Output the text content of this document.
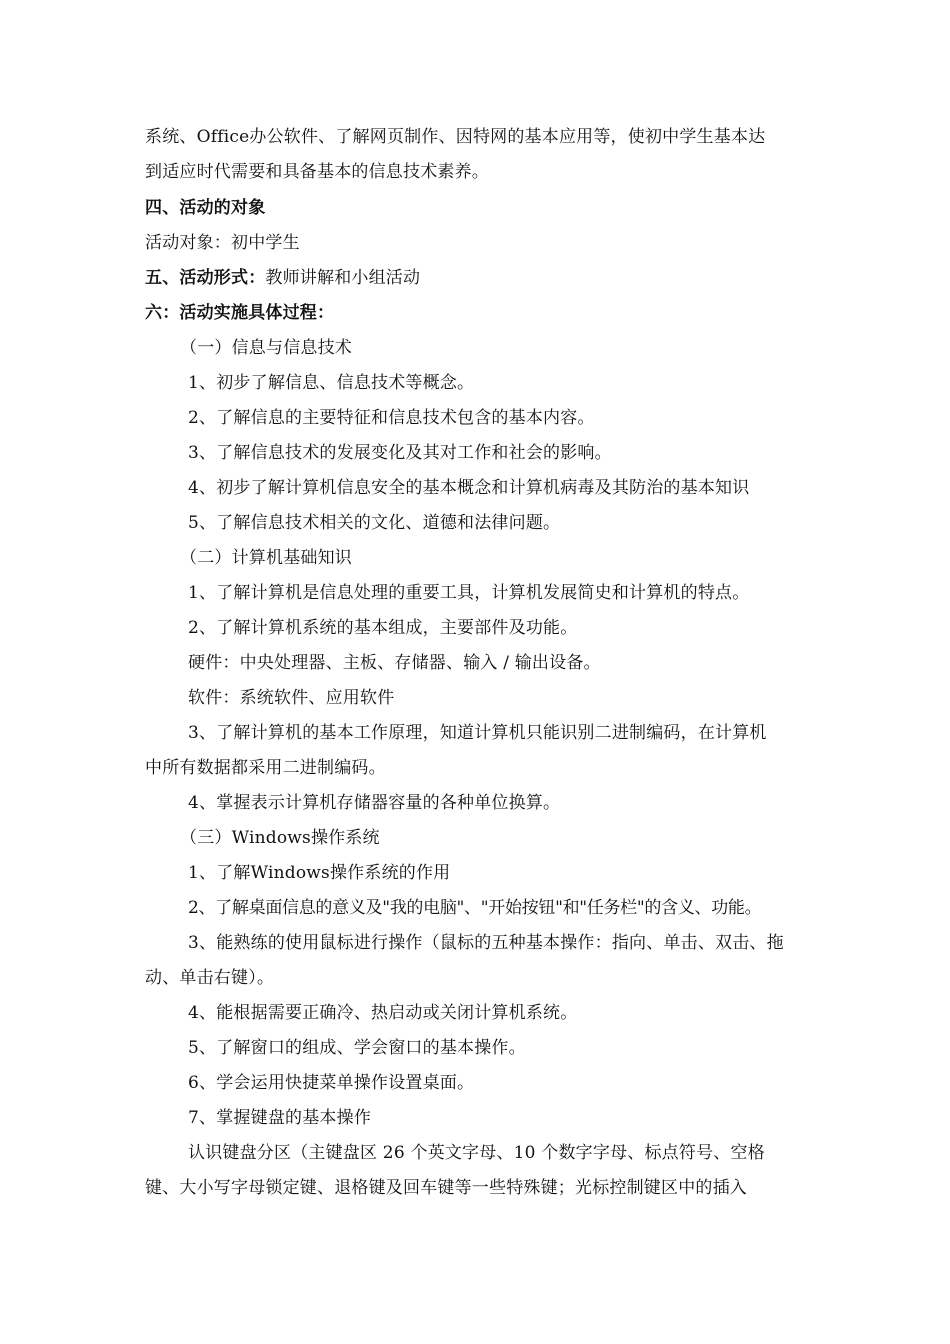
系统、Office办公软件、了解网页制作、因特网的基本应用等，使初中学生基本达
到适应时代需要和具备基本的信息技术素养。
四、活动的对象
活动对象：初中学生
五、活动形式：教师讲解和小组活动
六：活动实施具体过程：
（一）信息与信息技术
1、初步了解信息、信息技术等概念。
2、了解信息的主要特征和信息技术包含的基本内容。
3、了解信息技术的发展变化及其对工作和社会的影响。
4、初步了解计算机信息安全的基本概念和计算机病毒及其防治的基本知识
5、了解信息技术相关的文化、道德和法律问题。
（二）计算机基础知识
1、了解计算机是信息处理的重要工具，计算机发展简史和计算机的特点。
2、了解计算机系统的基本组成，主要部件及功能。
硬件：中央处理器、主板、存储器、输入 / 输出设备。
软件：系统软件、应用软件
3、了解计算机的基本工作原理，知道计算机只能识别二进制编码，在计算机
中所有数据都采用二进制编码。
4、掌握表示计算机存储器容量的各种单位换算。
（三）Windows操作系统
1、了解Windows操作系统的作用
2、了解桌面信息的意义及"我的电脑"、"开始按钮"和"任务栏"的含义、功能。
3、能熟练的使用鼠标进行操作（鼠标的五种基本操作：指向、单击、双击、拖
动、单击右键）。
4、能根据需要正确冷、热启动或关闭计算机系统。
5、了解窗口的组成、学会窗口的基本操作。
6、学会运用快捷菜单操作设置桌面。
7、掌握键盘的基本操作
认识键盘分区（主键盘区 26 个英文字母、10 个数字字母、标点符号、空格
键、大小写字母锁定键、退格键及回车键等一些特殊键；光标控制键区中的插入
